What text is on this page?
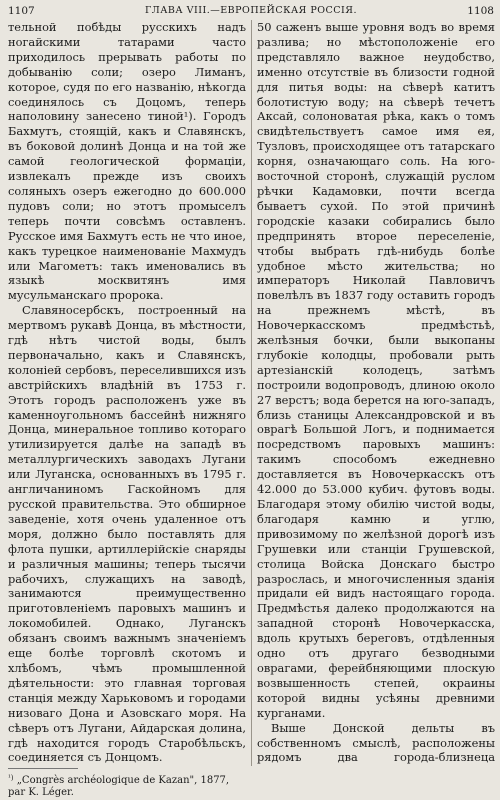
1107	ГЛАВА VIII.—ЕВРОПЕЙСКАЯ РОССІЯ.	1108

тельной побѣды русскихъ надъ ногайскими татарами часто приходилось прерывать работы по добыванію соли; озеро Лиманъ, которое, судя по его названію, нѣкогда соединялось съ Доцомъ, теперь наполовину занесено тиной¹). Городъ Бахмутъ, стоящій, какъ и Славянскъ, въ боковой долинѣ Донца и на той же самой геологической формаціи, извлекалъ прежде изъ своихъ соляныхъ озеръ ежегодно до 600.000 пудовъ соли; но этотъ промыселъ теперь почти совсѣмъ оставленъ. Русское имя Бахмутъ есть не что иное, какъ турецкое наименованіе Махмудъ или Магометъ: такъ именовались въ языкѣ москвитянъ имя мусульманскаго пророка.

Славяносербскъ, построенный на мертвомъ рукавѣ Донца, въ мѣстности, гдѣ нѣтъ чистой воды, былъ первоначально, какъ и Славянскъ, колоніей сербовъ, переселившихся изъ австрійскихъ владѣній въ 1753 г. Этотъ городъ расположенъ уже въ каменноугольномъ бассейнѣ нижняго Донца, минеральное топливо котораго утилизируется далѣе на западѣ въ металлургическихъ заводахъ Лугани или Луганска, основанныхъ въ 1795 г. англичаниномъ Гаскойномъ для русской правительства. Это обширное заведеніе, хотя очень удаленное отъ моря, должно было поставлять для флота пушки, артиллерійскіе снаряды и различныя машины; теперь тысячи рабочихъ, служащихъ на заводѣ, занимаются преимущественно приготовленіемъ паровыхъ машинъ и локомобилей. Однако, Луганскъ обязанъ своимъ важнымъ значеніемъ еще болѣе торговлѣ скотомъ и хлѣбомъ, чѣмъ промышленной дѣятельности: это главная торговая станція между Харьковомъ и городами низоваго Дона и Азовскаго моря. На сѣверъ отъ Лугани, Айдарская долина, гдѣ находится городъ Старобѣльскъ, соединяется съ Донцомъ.

50 саженъ выше уровня водъ во время разлива; но мѣстоположеніе его представляло важное неудобство, именно отсутствіе въ близости годной для питья воды: на сѣверѣ катитъ болотистую воду; на сѣверѣ течетъ Аксай, солоноватая рѣка, какъ о томъ свидѣтельствуетъ самое имя ея, Тузловъ, происходящее отъ татарскаго корня, означающаго соль. На юго-восточной сторонѣ, служащій руслом рѣчки Кадамовки, почти всегда бываетъ сухой. По этой причинѣ городскіе казаки собирались было предпринять второе переселеніе, чтобы выбрать гдѣ-нибудь болѣе удобное мѣсто жительства; но императоръ Николай Павловичъ повелѣлъ въ 1837 году оставить городъ на прежнемъ мѣстѣ, въ Новочеркасскомъ предмѣстьѣ, желѣзныя бочки, были выкопаны глубокіе колодцы, пробовали рыть артезіанскій колодецъ, затѣмъ построили водопроводъ, длиною около 27 верстъ; вода берется на юго-западъ, близь станицы Александровской и въ оврагѣ Большой Логъ, и поднимается посредствомъ паровыхъ машинъ: такимъ способомъ ежедневно доставляется въ Новочеркасскъ отъ 42.000 до 53.000 кубич. футовъ воды. Благодаря этому обилію чистой воды, благодаря камню и углю, привозимому по желѣзной дорогѣ изъ Грушевки или станціи Грушевской, столица Войска Донскаго быстро разрослась, и многочисленныя зданія придали ей видъ настоящаго города. Предмѣстья далеко продолжаются на западной сторонѣ Новочеркасска, вдоль крутыхъ береговъ, отдѣленныя одно отъ другаго безводными оврагами, ферейбняющими плоскую возвышенность степей, окраины которой видны усѣяны древними курганами.

Выше Донской дельты въ собственномъ смыслѣ, расположены рядомъ два города-близнеца

$^{^1)}$ „Congrès archéologique de Kazan", 1877, par K. Léger.
